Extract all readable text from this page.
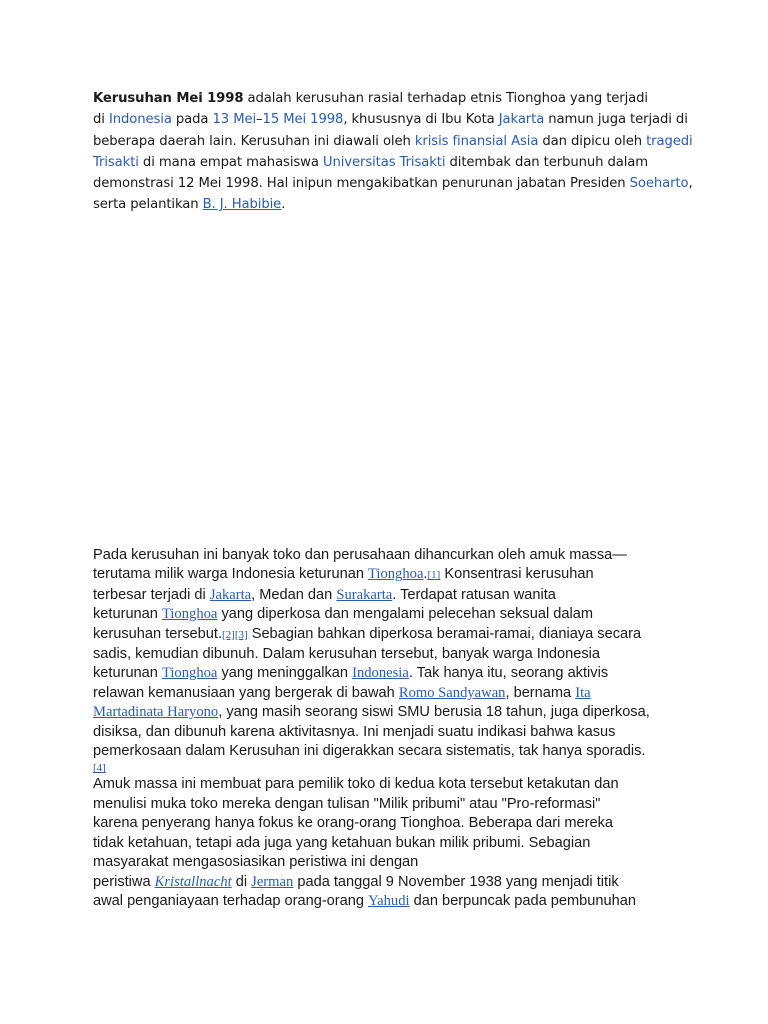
Kerusuhan Mei 1998 adalah kerusuhan rasial terhadap etnis Tionghoa yang terjadi
di Indonesia pada 13 Mei–15 Mei 1998, khususnya di Ibu Kota Jakarta namun juga terjadi di
beberapa daerah lain. Kerusuhan ini diawali oleh krisis finansial Asia dan dipicu oleh tragedi
Trisakti di mana empat mahasiswa Universitas Trisakti ditembak dan terbunuh dalam
demonstrasi 12 Mei 1998. Hal inipun mengakibatkan penurunan jabatan Presiden Soeharto,
serta pelantikan B. J. Habibie.
Pada kerusuhan ini banyak toko dan perusahaan dihancurkan oleh amuk massa—
terutama milik warga Indonesia keturunan Tionghoa.[1] Konsentrasi kerusuhan
terbesar terjadi di Jakarta, Medan dan Surakarta. Terdapat ratusan wanita
keturunan Tionghoa yang diperkosa dan mengalami pelecehan seksual dalam
kerusuhan tersebut.[2][3] Sebagian bahkan diperkosa beramai-ramai, dianiaya secara
sadis, kemudian dibunuh. Dalam kerusuhan tersebut, banyak warga Indonesia
keturunan Tionghoa yang meninggalkan Indonesia. Tak hanya itu, seorang aktivis
relawan kemanusiaan yang bergerak di bawah Romo Sandyawan, bernama Ita
Martadinata Haryono, yang masih seorang siswi SMU berusia 18 tahun, juga diperkosa,
disiksa, dan dibunuh karena aktivitasnya. Ini menjadi suatu indikasi bahwa kasus
pemerkosaan dalam Kerusuhan ini digerakkan secara sistematis, tak hanya sporadis.
[4]
Amuk massa ini membuat para pemilik toko di kedua kota tersebut ketakutan dan
menulisi muka toko mereka dengan tulisan "Milik pribumi" atau "Pro-reformasi"
karena penyerang hanya fokus ke orang-orang Tionghoa. Beberapa dari mereka
tidak ketahuan, tetapi ada juga yang ketahuan bukan milik pribumi. Sebagian
masyarakat mengasosiasikan peristiwa ini dengan
peristiwa Kristallnacht di Jerman pada tanggal 9 November 1938 yang menjadi titik
awal penganiayaan terhadap orang-orang Yahudi dan berpuncak pada pembunuhan
